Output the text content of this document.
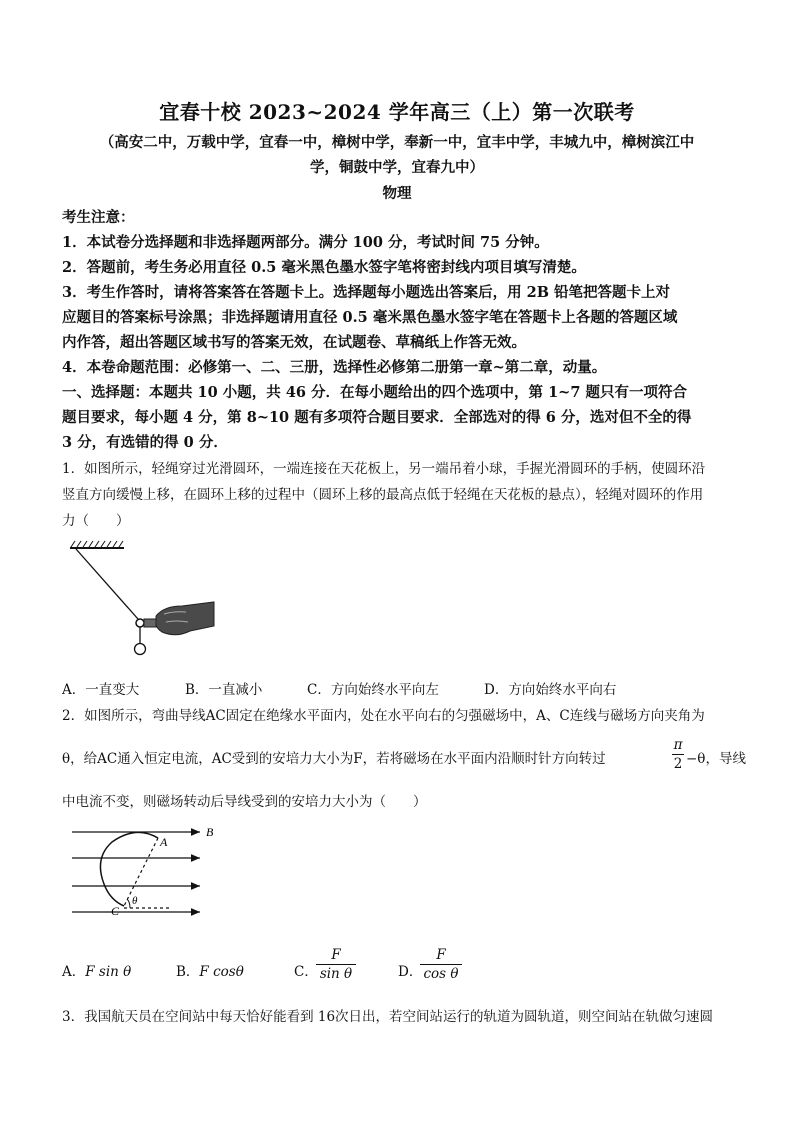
宜春十校 2023~2024 学年高三（上）第一次联考
（高安二中，万载中学，宜春一中，樟树中学，奉新一中，宜丰中学，丰城九中，樟树滨江中
学，铜鼓中学，宜春九中）
物理
考生注意：
1．本试卷分选择题和非选择题两部分。满分 100 分，考试时间 75 分钟。
2．答题前，考生务必用直径 0.5 毫米黑色墨水签字笔将密封线内项目填写清楚。
3．考生作答时，请将答案答在答题卡上。选择题每小题选出答案后，用 2B 铅笔把答题卡上对
应题目的答案标号涂黑；非选择题请用直径 0.5 毫米黑色墨水签字笔在答题卡上各题的答题区域
内作答，超出答题区域书写的答案无效，在试题卷、草稿纸上作答无效。
4．本卷命题范围：必修第一、二、三册，选择性必修第二册第一章~第二章，动量。
一、选择题：本题共 10 小题，共 46 分．在每小题给出的四个选项中，第 1~7 题只有一项符合
题目要求，每小题 4 分，第 8~10 题有多项符合题目要求．全部选对的得 6 分，选对但不全的得
3 分，有选错的得 0 分．
1．如图所示，轻绳穿过光滑圆环，一端连接在天花板上，另一端吊着小球，手握光滑圆环的手柄，使圆环沿
竖直方向缓慢上移，在圆环上移的过程中（圆环上移的最高点低于轻绳在天花板的悬点），轻绳对圆环的作用
力（　　）
A．一直变大	B．一直减小	C．方向始终水平向左	D．方向始终水平向右
2．如图所示，弯曲导线AC固定在绝缘水平面内，处在水平向右的匀强磁场中，A、C连线与磁场方向夹角为
θ，给AC通入恒定电流，AC受到的安培力大小为F，若将磁场在水平面内沿顺时针方向转过
π
2 −θ，导线
中电流不变，则磁场转动后导线受到的安培力大小为（　　）
B
A
C
θ
A．F sin θ	B．F cosθ	C．
F
sin θ	D．
F
cos θ
3．我国航天员在空间站中每天恰好能看到 16次日出，若空间站运行的轨道为圆轨道，则空间站在轨做匀速圆
